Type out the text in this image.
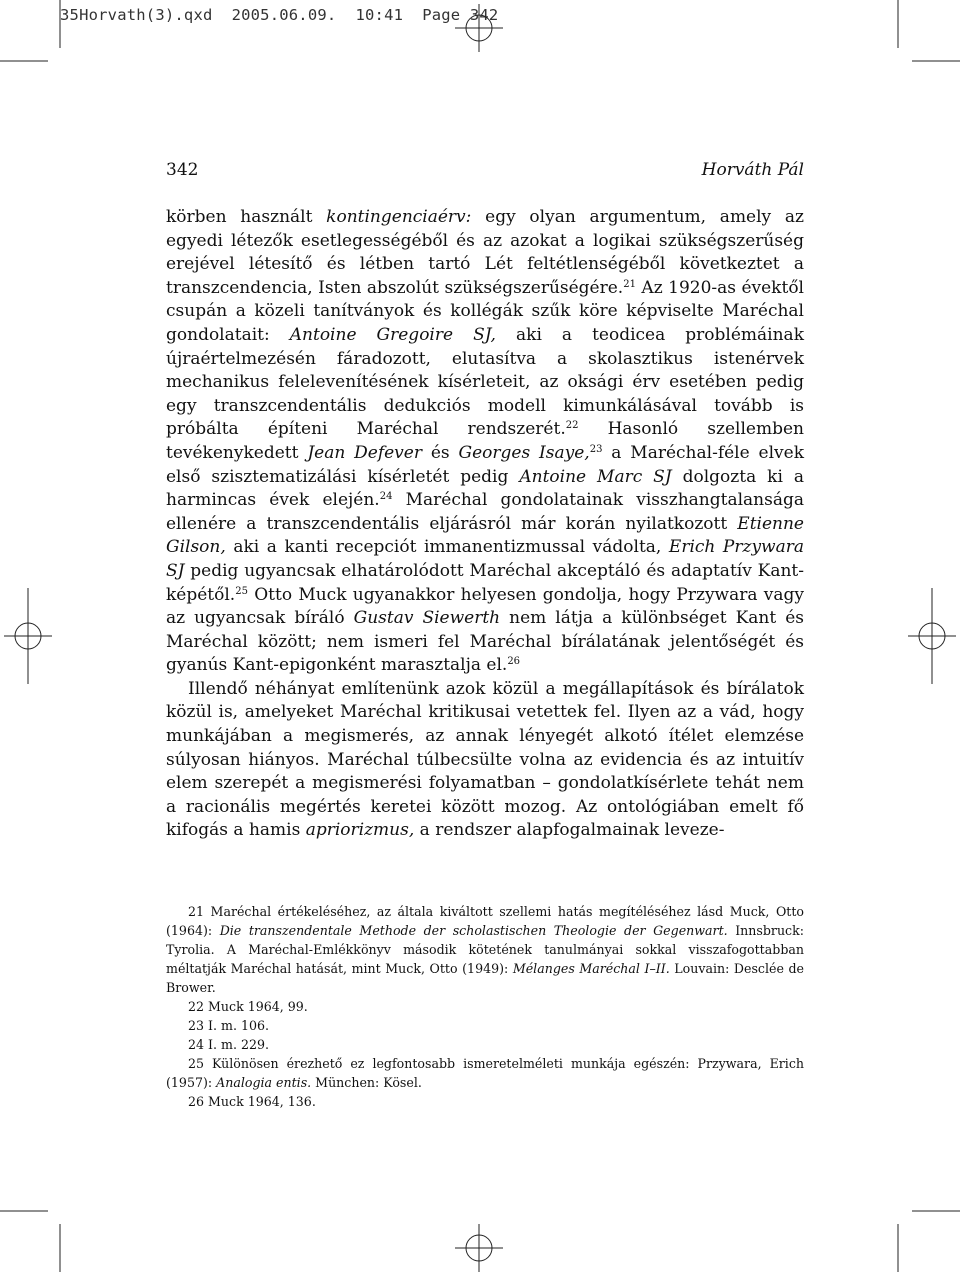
35Horvath(3).qxd  2005.06.09.  10:41  Page 342
342	Horváth Pál

körben használt kontingenciaérv: egy olyan argumentum, amely az egyedi létezők esetlegességéből és az azokat a logikai szükségszerűség erejével létesítő és létben tartó Lét feltétlenségéből következtet a transzcendencia, Isten abszolút szükségszerűségére.$^{21}$ Az 1920-as évektől csupán a közeli tanítványok és kollégák szűk köre képviselte Maréchal gondolatait: Antoine Gregoire SJ, aki a teodicea problémáinak újraértelmezésén fáradozott, elutasítva a skolasztikus istenérvek mechanikus felelevenítésének kísérleteit, az oksági érv esetében pedig egy transzcendentális dedukciós modell kimunkálásával tovább is próbálta építeni Maréchal rendszerét.$^{22}$ Hasonló szellemben tevékenykedett Jean Defever és Georges Isaye,$^{23}$ a Maréchal-féle elvek első szisztematizálási kísérletét pedig Antoine Marc SJ dolgozta ki a harmincas évek elején.$^{24}$ Maréchal gondolatainak visszhangtalansága ellenére a transzcendentális eljárásról már korán nyilatkozott Etienne Gilson, aki a kanti recepciót immanentizmussal vádolta, Erich Przywara SJ pedig ugyancsak elhatárolódott Maréchal akceptáló és adaptatív Kant-képétől.$^{25}$ Otto Muck ugyanakkor helyesen gondolja, hogy Przywara vagy az ugyancsak bíráló Gustav Siewerth nem látja a különbséget Kant és Maréchal között; nem ismeri fel Maréchal bírálatának jelentőségét és gyanús Kant-epigonként marasztalja el.$^{26}$

Illendő néhányat említenünk azok közül a megállapítások és bírálatok közül is, amelyeket Maréchal kritikusai vetettek fel. Ilyen az a vád, hogy munkájában a megismerés, az annak lényegét alkotó ítélet elemzése súlyosan hiányos. Maréchal túlbecsülte volna az evidencia és az intuitív elem szerepét a megismerési folyamatban – gondolatkísérlete tehát nem a racionális megértés keretei között mozog. Az ontológiában emelt fő kifogás a hamis apriorizmus, a rendszer alapfogalmainak leveze-

21 Maréchal értékeléséhez, az általa kiváltott szellemi hatás megítéléséhez lásd Muck, Otto (1964): Die transzendentale Methode der scholastischen Theologie der Gegenwart. Innsbruck: Tyrolia. A Maréchal-Emlékkönyv második kötetének tanulmányai sokkal visszafogottabban méltatják Maréchal hatását, mint Muck, Otto (1949): Mélanges Maréchal I–II. Louvain: Desclée de Brower.

22 Muck 1964, 99.

23 I. m. 106.

24 I. m. 229.

25 Különösen érezhető ez legfontosabb ismeretelméleti munkája egészén: Przywara, Erich (1957): Analogia entis. München: Kösel.

26 Muck 1964, 136.
